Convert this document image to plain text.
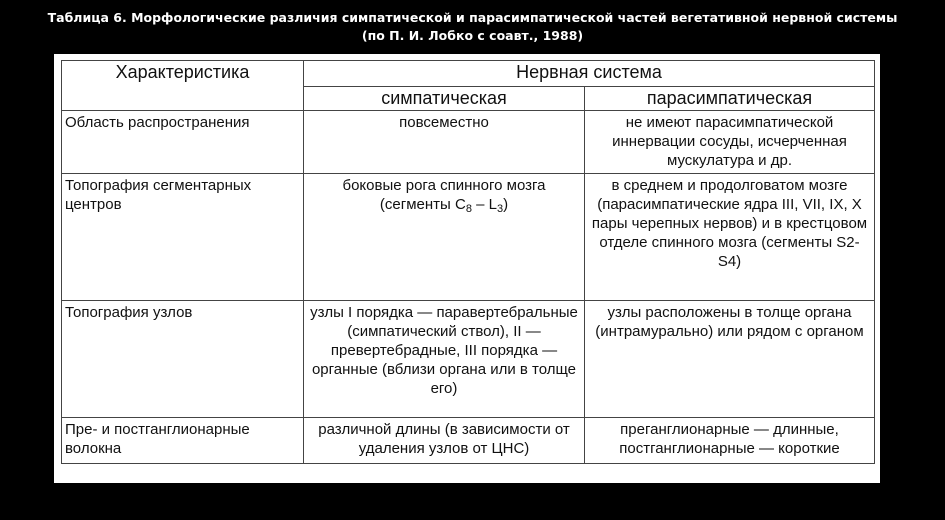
Таблица 6. Морфологические различия симпатической и парасимпатической частей вегетативной нервной системы
(по П. И. Лобко с соавт., 1988)
Характеристика	Нервная система	
	симпатическая	парасимпатическая
Область распространения	повсеместно	не имеют парасимпатической иннервации сосуды, исчерченная мускулатура и др.
Топография сегментарных центров	боковые рога спинного мозга (сегменты $C_8 - L_3$)	в среднем и продолговатом мозге (парасимпатические ядра III, VII, IX, X пары черепных нервов) и в крестцовом отделе спинного мозга (сегменты S2-S4)
Топография узлов	узлы I порядка — паравертебральные (симпатический ствол), II — превертебрадные, III порядка — органные (вблизи органа или в толще его)	узлы расположены в толще органа (интрамурально) или рядом с органом
Пре- и постганглионарные волокна	различной длины (в зависимости от удаления узлов от ЦНС)	преганглионарные — длинные, постганглионарные — короткие
